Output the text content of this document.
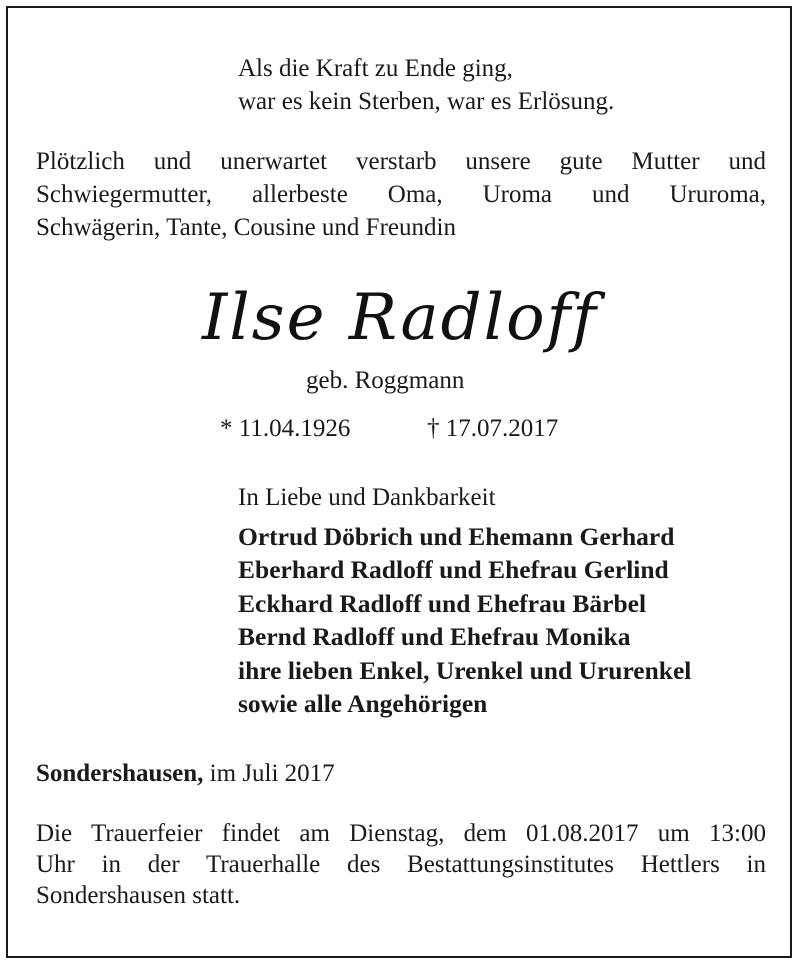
Als die Kraft zu Ende ging,
war es kein Sterben, war es Erlösung.
Plötzlich und unerwartet verstarb unsere gute Mutter und
Schwiegermutter, allerbeste Oma, Uroma und Ururoma,
Schwägerin, Tante, Cousine und Freundin
Ilse Radloff
geb. Roggmann
* 11.04.1926	† 17.07.2017
In Liebe und Dankbarkeit
Ortrud Döbrich und Ehemann Gerhard
Eberhard Radloff und Ehefrau Gerlind
Eckhard Radloff und Ehefrau Bärbel
Bernd Radloff und Ehefrau Monika
ihre lieben Enkel, Urenkel und Ururenkel
sowie alle Angehörigen
Sondershausen, im Juli 2017
Die Trauerfeier findet am Dienstag, dem 01.08.2017 um 13:00
Uhr in der Trauerhalle des Bestattungsinstitutes Hettlers in
Sondershausen statt.
